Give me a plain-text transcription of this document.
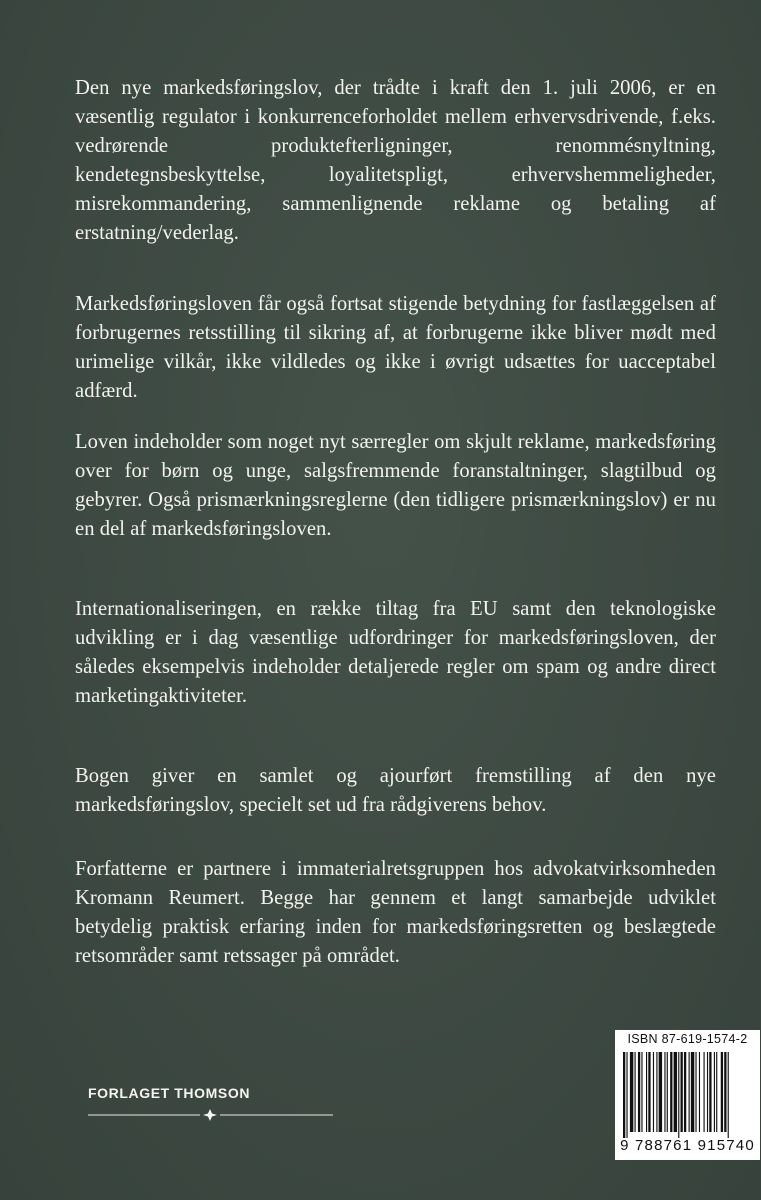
Den nye markedsføringslov, der trådte i kraft den 1. juli 2006, er en væsentlig regulator i konkurrenceforholdet mellem erhvervsdrivende, f.eks. vedrørende produktefterligninger, renommésnyltning, kendetegnsbeskyttelse, loyalitetspligt, erhvervshemmeligheder, misrekommandering, sammenlignende reklame og betaling af erstatning/vederlag.

Markedsføringsloven får også fortsat stigende betydning for fastlæggelsen af forbrugernes retsstilling til sikring af, at forbrugerne ikke bliver mødt med urimelige vilkår, ikke vildledes og ikke i øvrigt udsættes for uacceptabel adfærd.

Loven indeholder som noget nyt særregler om skjult reklame, markedsføring over for børn og unge, salgsfremmende foranstaltninger, slagtilbud og gebyrer. Også prismærkningsreglerne (den tidligere prismærkningslov) er nu en del af markedsføringsloven.

Internationaliseringen, en række tiltag fra EU samt den teknologiske udvikling er i dag væsentlige udfordringer for markedsføringsloven, der således eksempelvis indeholder detaljerede regler om spam og andre direct marketingaktiviteter.

Bogen giver en samlet og ajourført fremstilling af den nye markedsføringslov, specielt set ud fra rådgiverens behov.

Forfatterne er partnere i immaterialretsgruppen hos advokatvirksomheden Kromann Reumert. Begge har gennem et langt samarbejde udviklet betydelig praktisk erfaring inden for markedsføringsretten og beslægtede retsområder samt retssager på området.

FORLAGET THOMSON
ISBN 87-619-1574-2
9 788761 915740
